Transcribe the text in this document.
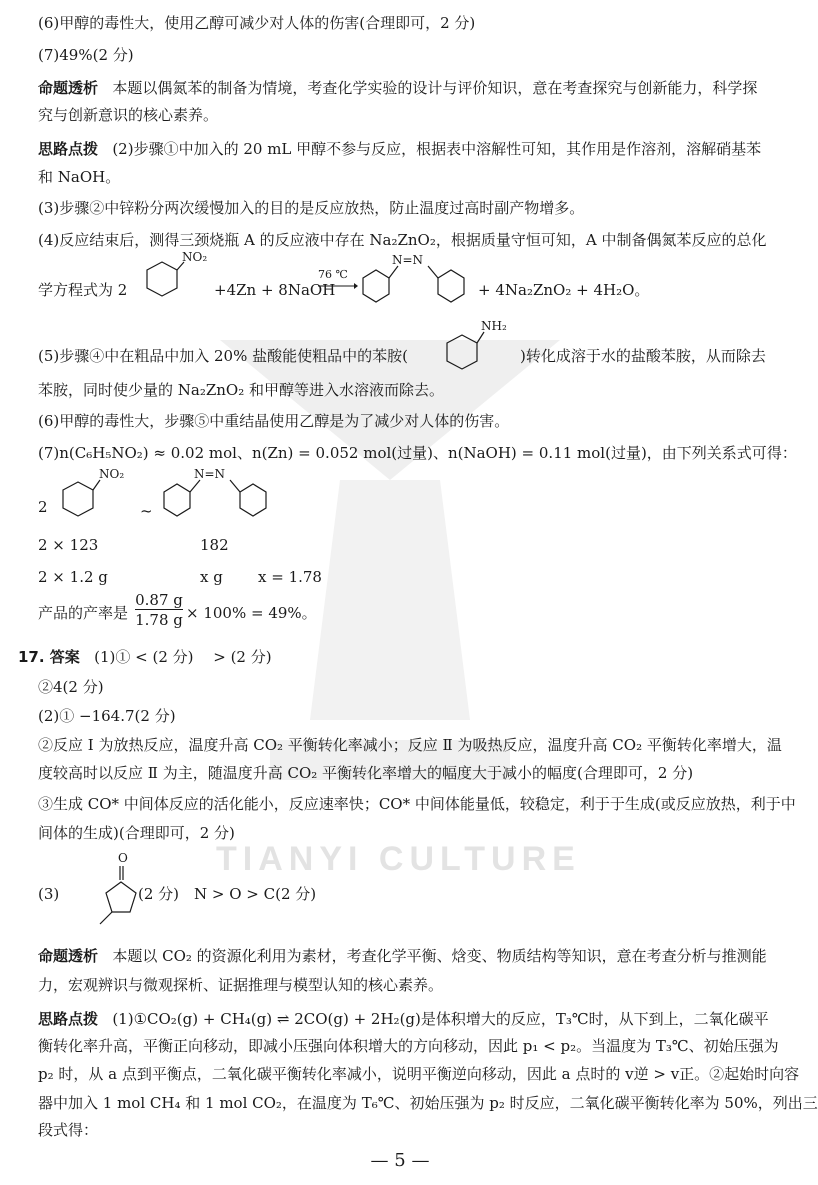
TIANYI CULTURE
(6)甲醇的毒性大，使用乙醇可减少对人体的伤害(合理即可，2 分)
(7)49%(2 分)
命题透析 本题以偶氮苯的制备为情境，考查化学实验的设计与评价知识，意在考查探究与创新能力，科学探
究与创新意识的核心素养。
思路点拨 (2)步骤①中加入的 20 mL 甲醇不参与反应，根据表中溶解性可知，其作用是作溶剂，溶解硝基苯
和 NaOH。
(3)步骤②中锌粉分两次缓慢加入的目的是反应放热，防止温度过高时副产物增多。
(4)反应结束后，测得三颈烧瓶 A 的反应液中存在 Na₂ZnO₂，根据质量守恒可知，A 中制备偶氮苯反应的总化
学方程式为 2
NO₂
+4Zn + 8NaOH
76 ℃
N=N
+ 4Na₂ZnO₂ + 4H₂O。
(5)步骤④中在粗品中加入 20% 盐酸能使粗品中的苯胺(
NH₂
)转化成溶于水的盐酸苯胺，从而除去
苯胺，同时使少量的 Na₂ZnO₂ 和甲醇等进入水溶液而除去。
(6)甲醇的毒性大，步骤⑤中重结晶使用乙醇是为了减少对人体的伤害。
(7)n(C₆H₅NO₂) ≈ 0.02 mol、n(Zn) = 0.052 mol(过量)、n(NaOH) = 0.11 mol(过量)，由下列关系式可得：
2
NO₂
~
N=N
2 × 123	182
2 × 1.2 g	x g	x = 1.78
产品的产率是 $\frac{0.87 g}{1.78 g} \times 100\% = 49\%$。
17. 答案 (1)① < (2 分)　 > (2 分)
②4(2 分)
(2)① −164.7(2 分)
②反应 Ⅰ 为放热反应，温度升高 CO₂ 平衡转化率减小；反应 Ⅱ 为吸热反应，温度升高 CO₂ 平衡转化率增大，温
度较高时以反应 Ⅱ 为主，随温度升高 CO₂ 平衡转化率增大的幅度大于减小的幅度(合理即可，2 分)
③生成 CO* 中间体反应的活化能小，反应速率快；CO* 中间体能量低，较稳定，利于于生成(或反应放热，利于中
间体的生成)(合理即可，2 分)
(3)
O
(2 分)　N > O > C(2 分)
命题透析 本题以 CO₂ 的资源化利用为素材，考查化学平衡、焓变、物质结构等知识，意在考查分析与推测能
力，宏观辨识与微观探析、证据推理与模型认知的核心素养。
思路点拨 (1)①CO₂(g) + CH₄(g) ⇌ 2CO(g) + 2H₂(g)是体积增大的反应，T₃℃时，从下到上，二氧化碳平
衡转化率升高，平衡正向移动，即减小压强向体积增大的方向移动，因此 p₁ < p₂。当温度为 T₃℃、初始压强为
p₂ 时，从 a 点到平衡点，二氧化碳平衡转化率减小，说明平衡逆向移动，因此 a 点时的 v逆 > v正。②起始时向容
器中加入 1 mol CH₄ 和 1 mol CO₂，在温度为 T₆℃、初始压强为 p₂ 时反应，二氧化碳平衡转化率为 50%，列出三
段式得：
— 5 —
